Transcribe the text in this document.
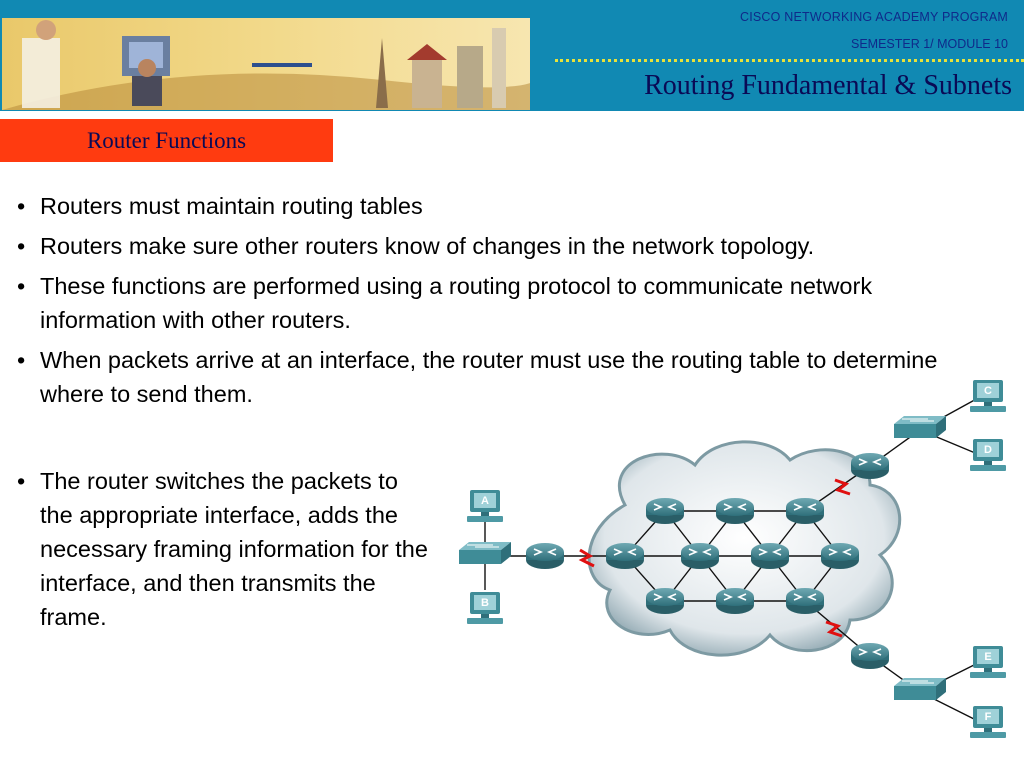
CISCO NETWORKING ACADEMY PROGRAM
SEMESTER 1/ MODULE 10
Routing Fundamental & Subnets
Router Functions
• Routers must maintain routing tables
• Routers make sure other routers know of changes in the network topology.
• These functions are performed using a routing protocol to communicate network information with other routers.
• When packets arrive at an interface, the router must use the routing table to determine where to send them.
• The router switches the packets to the appropriate interface, adds the necessary framing information for the interface, and then transmits the frame.
A
B
C
D
E
F
